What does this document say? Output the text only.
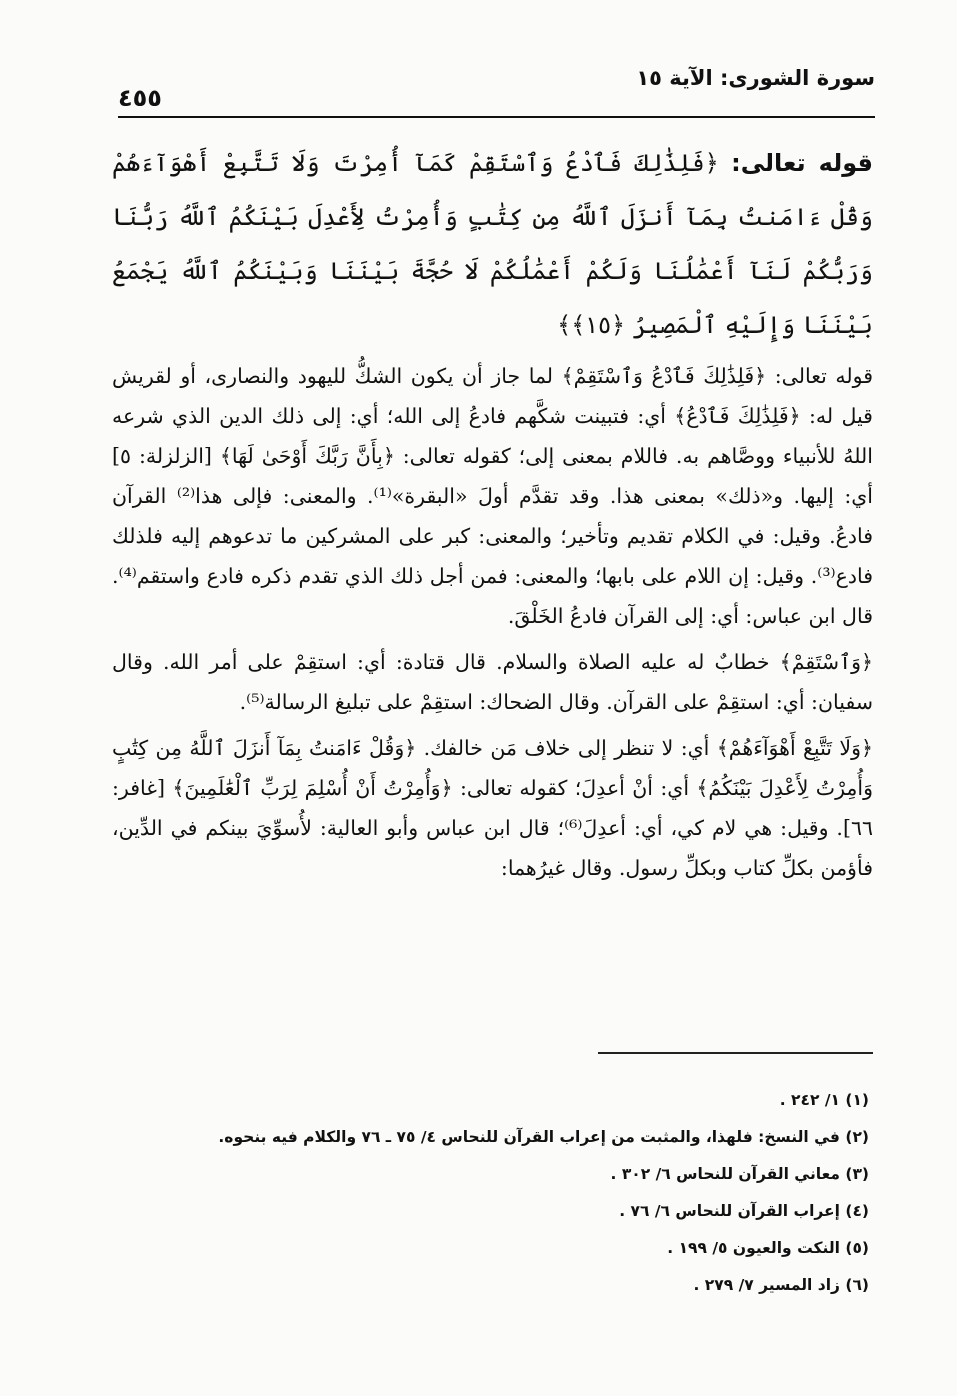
سورة الشورى: الآية ١٥
٤٥٥

قوله تعالى: ﴿فَلِذَٰلِكَ فَٱدْعُ وَٱسْتَقِمْ كَمَآ أُمِرْتَ وَلَا تَتَّبِعْ أَهْوَآءَهُمْ وَقُلْ ءَامَنتُ بِمَآ أَنزَلَ ٱللَّهُ مِن كِتَٰبٍ وَأُمِرْتُ لِأَعْدِلَ بَيْنَكُمُ ٱللَّهُ رَبُّنَا وَرَبُّكُمْ لَنَآ أَعْمَٰلُنَا وَلَكُمْ أَعْمَٰلُكُمْ لَا حُجَّةَ بَيْنَنَا وَبَيْنَكُمُ ٱللَّهُ يَجْمَعُ بَيْنَنَا وَإِلَيْهِ ٱلْمَصِيرُ ﴿١٥﴾﴾

قوله تعالى: ﴿فَلِذَٰلِكَ فَٱدْعُ وَٱسْتَقِمْ﴾ لما جاز أن يكون الشكُّ لليهود والنصارى، أو لقريش قيل له: ﴿فَلِذَٰلِكَ فَٱدْعُ﴾ أي: فتبينت شكَّهم فادعُ إلى الله؛ أي: إلى ذلك الدين الذي شرعه اللهُ للأنبياء ووصَّاهم به. فاللام بمعنى إلى؛ كقوله تعالى: ﴿بِأَنَّ رَبَّكَ أَوْحَىٰ لَهَا﴾ [الزلزلة: ٥] أي: إليها. و«ذلك» بمعنى هذا. وقد تقدَّم أولَ «البقرة»⁽¹⁾. والمعنى: فإلى هذا⁽²⁾ القرآن فادعُ. وقيل: في الكلام تقديم وتأخير؛ والمعنى: كبر على المشركين ما تدعوهم إليه فلذلك فادع⁽³⁾. وقيل: إن اللام على بابها؛ والمعنى: فمن أجل ذلك الذي تقدم ذكره فادع واستقم⁽⁴⁾. قال ابن عباس: أي: إلى القرآن فادعُ الخَلْقَ.

﴿وَٱسْتَقِمْ﴾ خطابٌ له عليه الصلاة والسلام. قال قتادة: أي: استقِمْ على أمر الله. وقال سفيان: أي: استقِمْ على القرآن. وقال الضحاك: استقِمْ على تبليغ الرسالة⁽⁵⁾.

﴿وَلَا تَتَّبِعْ أَهْوَآءَهُمْ﴾ أي: لا تنظر إلى خلاف مَن خالفك. ﴿وَقُلْ ءَامَنتُ بِمَآ أَنزَلَ ٱللَّهُ مِن كِتَٰبٍ وَأُمِرْتُ لِأَعْدِلَ بَيْنَكُمُ﴾ أي: أنْ أعدِلَ؛ كقوله تعالى: ﴿وَأُمِرْتُ أَنْ أُسْلِمَ لِرَبِّ ٱلْعَٰلَمِينَ﴾ [غافر: ٦٦]. وقيل: هي لام كي، أي: أعدِلَ⁽⁶⁾؛ قال ابن عباس وأبو العالية: لأُسوِّيَ بينكم في الدِّين، فأؤمن بكلِّ كتاب وبكلِّ رسول. وقال غيرُهما:

(١) ١/ ٢٤٢ .
(٢) في النسخ: فلهذا، والمثبت من إعراب القرآن للنحاس ٤/ ٧٥ ـ ٧٦ والكلام فيه بنحوه.
(٣) معاني القرآن للنحاس ٦/ ٣٠٢ .
(٤) إعراب القرآن للنحاس ٦/ ٧٦ .
(٥) النكت والعيون ٥/ ١٩٩ .
(٦) زاد المسير ٧/ ٢٧٩ .
